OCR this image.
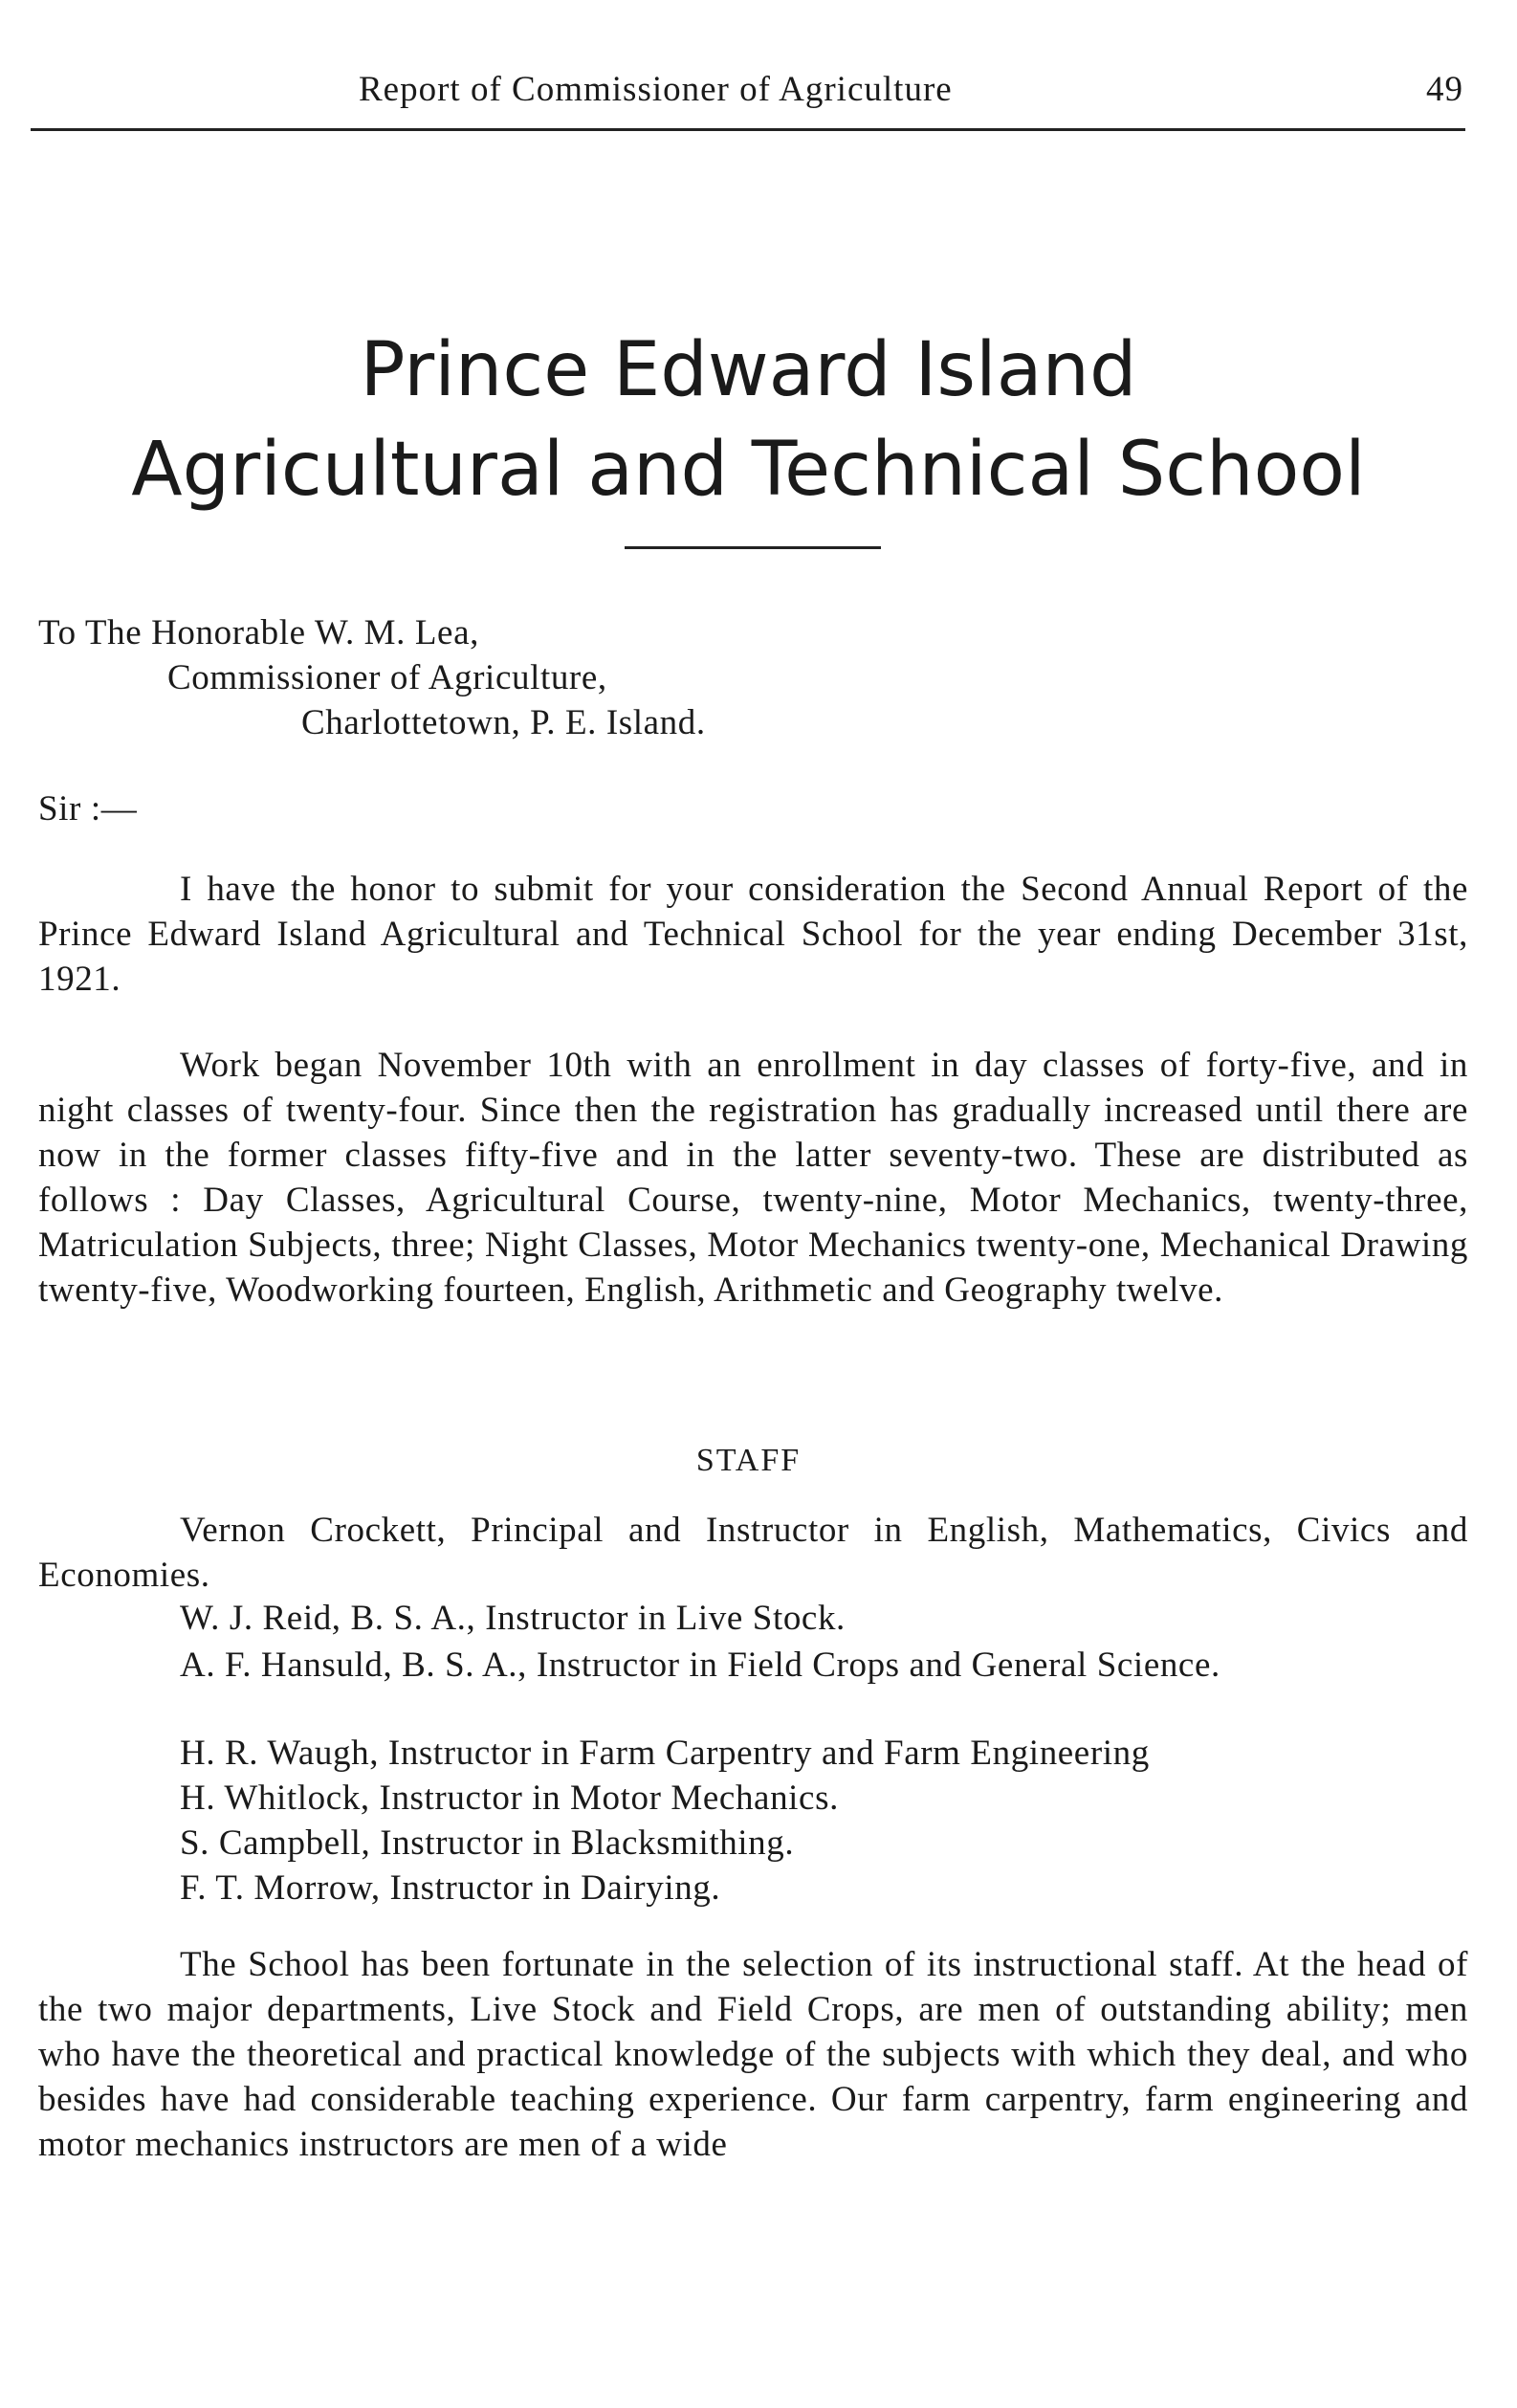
Report of Commissioner of Agriculture	49
Prince Edward Island
Agricultural and Technical School
To The Honorable W. M. Lea,
Commissioner of Agriculture,
Charlottetown, P. E. Island.
Sir :—
I have the honor to submit for your consideration the Second Annual Report of the Prince Edward Island Agricultural and Technical School for the year ending December 31st, 1921.
Work began November 10th with an enrollment in day classes of forty-five, and in night classes of twenty-four. Since then the registration has gradually increased until there are now in the former classes fifty-five and in the latter seventy-two. These are distributed as follows : Day Classes, Agricultural Course, twenty-nine, Motor Mechanics, twenty-three, Matriculation Subjects, three; Night Classes, Motor Mechanics twenty-one, Mechanical Drawing twenty-five, Woodworking fourteen, English, Arithmetic and Geography twelve.
STAFF
Vernon Crockett, Principal and Instructor in English, Mathematics, Civics and Economies.
W. J. Reid, B. S. A., Instructor in Live Stock.
A. F. Hansuld, B. S. A., Instructor in Field Crops and General Science.
H. R. Waugh, Instructor in Farm Carpentry and Farm Engineering
H. Whitlock, Instructor in Motor Mechanics.
S. Campbell, Instructor in Blacksmithing.
F. T. Morrow, Instructor in Dairying.
The School has been fortunate in the selection of its instructional staff. At the head of the two major departments, Live Stock and Field Crops, are men of outstanding ability; men who have the theoretical and practical knowledge of the subjects with which they deal, and who besides have had considerable teaching experience. Our farm carpentry, farm engineering and motor mechanics instructors are men of a wide
